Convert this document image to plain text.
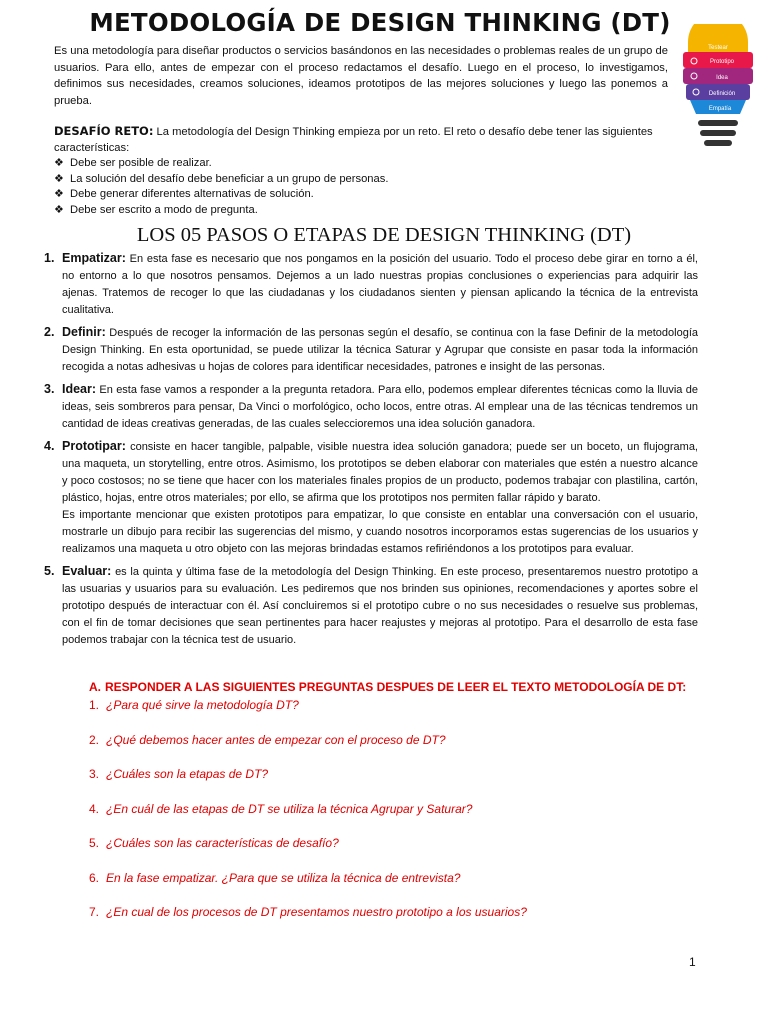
METODOLOGÍA DE DESIGN THINKING (DT)
Testear
Prototipo
Idea
Definición
Empatía

Es una metodología para diseñar productos o servicios basándonos en las necesidades o problemas reales de un grupo de usuarios. Para ello, antes de empezar con el proceso redactamos el desafío. Luego en el proceso, lo investigamos, definimos sus necesidades, creamos soluciones, ideamos prototipos de las mejores soluciones y luego las ponemos a prueba.

DESAFÍO RETO: La metodología del Design Thinking empieza por un reto. El reto o desafío debe tener las siguientes características:
❖ Debe ser posible de realizar.
❖ La solución del desafío debe beneficiar a un grupo de personas.
❖ Debe generar diferentes alternativas de solución.
❖ Debe ser escrito a modo de pregunta.
LOS 05 PASOS O ETAPAS DE DESIGN THINKING (DT)
1. Empatizar: En esta fase es necesario que nos pongamos en la posición del usuario. Todo el proceso debe girar en torno a él, no entorno a lo que nosotros pensamos. Dejemos a un lado nuestras propias conclusiones o experiencias para adquirir las ajenas. Tratemos de recoger lo que las ciudadanas y los ciudadanos sienten y piensan aplicando la técnica de la entrevista cualitativa.
2. Definir: Después de recoger la información de las personas según el desafío, se continua con la fase Definir de la metodología Design Thinking. En esta oportunidad, se puede utilizar la técnica Saturar y Agrupar que consiste en pasar toda la información recogida a notas adhesivas u hojas de colores para identificar necesidades, patrones e insight de las personas.
3. Idear: En esta fase vamos a responder a la pregunta retadora. Para ello, podemos emplear diferentes técnicas como la lluvia de ideas, seis sombreros para pensar, Da Vinci o morfológico, ocho locos, entre otras. Al emplear una de las técnicas tendremos un cantidad de ideas creativas generadas, de las cuales seleccioremos una idea solución ganadora.
4. Prototipar: consiste en hacer tangible, palpable, visible nuestra idea solución ganadora; puede ser un boceto, un flujograma, una maqueta, un storytelling, entre otros. Asimismo, los prototipos se deben elaborar con materiales que estén a nuestro alcance y poco costosos; no se tiene que hacer con los materiales finales propios de un producto, podemos trabajar con plastilina, cartón, plástico, hojas, entre otros materiales; por ello, se afirma que los prototipos nos permiten fallar rápido y barato.
Es importante mencionar que existen prototipos para empatizar, lo que consiste en entablar una conversación con el usuario, mostrarle un dibujo para recibir las sugerencias del mismo, y cuando nosotros incorporamos estas sugerencias de los usuarios y realizamos una maqueta u otro objeto con las mejoras brindadas estamos refiriéndonos a los prototipos para evaluar.
5. Evaluar: es la quinta y última fase de la metodología del Design Thinking. En este proceso, presentaremos nuestro prototipo a las usuarias y usuarios para su evaluación. Les pediremos que nos brinden sus opiniones, recomendaciones y aportes sobre el prototipo después de interactuar con él. Así concluiremos si el prototipo cubre o no sus necesidades o resuelve sus problemas, con el fin de tomar decisiones que sean pertinentes para hacer reajustes y mejoras al prototipo. Para el desarrollo de esta fase podemos trabajar con la técnica test de usuario.
A. RESPONDER A LAS SIGUIENTES PREGUNTAS DESPUES DE LEER EL TEXTO METODOLOGÍA DE DT:
1. ¿Para qué sirve la metodología DT?
2. ¿Qué debemos hacer antes de empezar con el proceso de DT?
3. ¿Cuáles son la etapas de DT?
4. ¿En cuál de las etapas de DT se utiliza la técnica Agrupar y Saturar?
5. ¿Cuáles son las características de desafío?
6. En la fase empatizar. ¿Para que se utiliza la técnica de entrevista?
7. ¿En cual de los procesos de DT presentamos nuestro prototipo a los usuarios?
1
